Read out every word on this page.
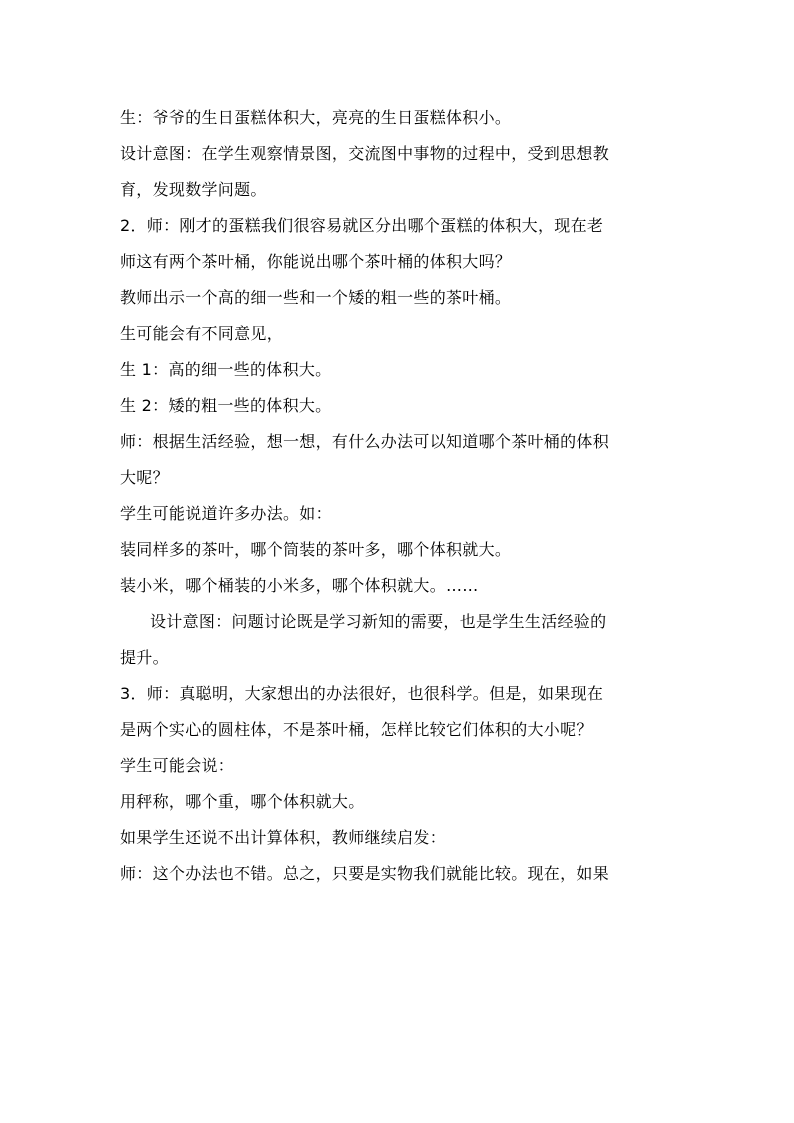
生：爷爷的生日蛋糕体积大，亮亮的生日蛋糕体积小。
设计意图：在学生观察情景图，交流图中事物的过程中，受到思想教
育，发现数学问题。
2．师：刚才的蛋糕我们很容易就区分出哪个蛋糕的体积大，现在老
师这有两个茶叶桶，你能说出哪个茶叶桶的体积大吗？
教师出示一个高的细一些和一个矮的粗一些的茶叶桶。
生可能会有不同意见，
生 1：高的细一些的体积大。
生 2：矮的粗一些的体积大。
师：根据生活经验，想一想，有什么办法可以知道哪个茶叶桶的体积
大呢？
学生可能说道许多办法。如：
装同样多的茶叶，哪个筒装的茶叶多，哪个体积就大。
装小米，哪个桶装的小米多，哪个体积就大。……
设计意图：问题讨论既是学习新知的需要，也是学生生活经验的
提升。
3．师：真聪明，大家想出的办法很好，也很科学。但是，如果现在
是两个实心的圆柱体，不是茶叶桶，怎样比较它们体积的大小呢？
学生可能会说：
用秤称，哪个重，哪个体积就大。
如果学生还说不出计算体积，教师继续启发：
师：这个办法也不错。总之，只要是实物我们就能比较。现在，如果
